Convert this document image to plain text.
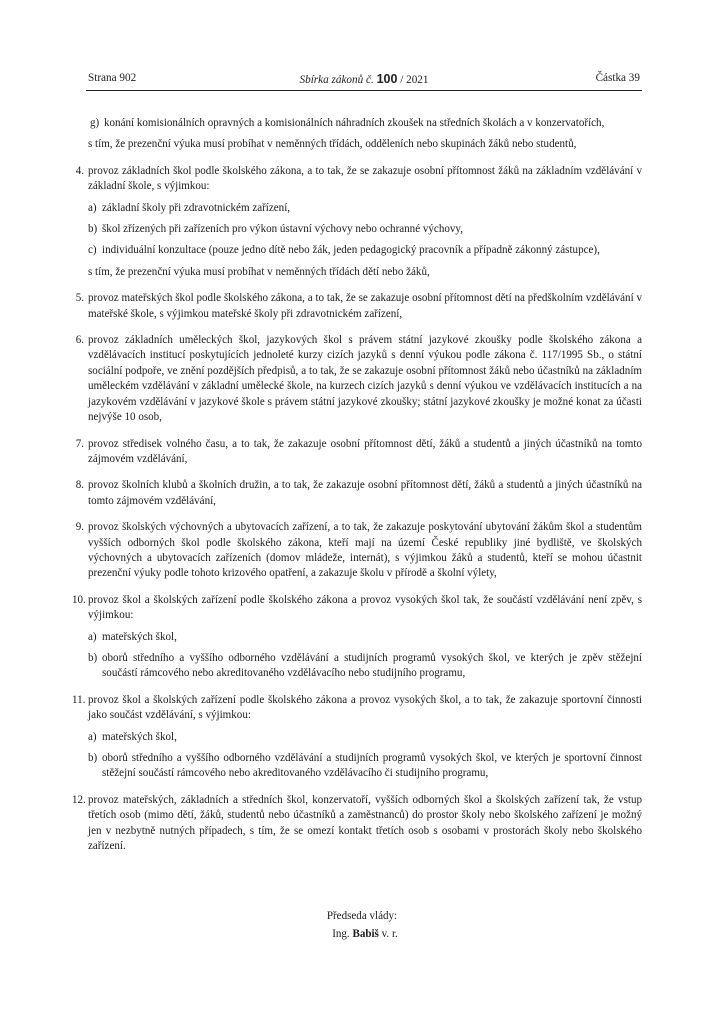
Strana 902	Sbírka zákonů č. 100 / 2021	Částka 39
g) konání komisionálních opravných a komisionálních náhradních zkoušek na středních školách a v konzervatořích,
s tím, že prezenční výuka musí probíhat v neměnných třídách, odděleních nebo skupinách žáků nebo studentů,
4. provoz základních škol podle školského zákona, a to tak, že se zakazuje osobní přítomnost žáků na základním vzdělávání v základní škole, s výjimkou:
a) základní školy při zdravotnickém zařízení,
b) škol zřízených při zařízeních pro výkon ústavní výchovy nebo ochranné výchovy,
c) individuální konzultace (pouze jedno dítě nebo žák, jeden pedagogický pracovník a případně zákonný zástupce),
s tím, že prezenční výuka musí probíhat v neměnných třídách dětí nebo žáků,
5. provoz mateřských škol podle školského zákona, a to tak, že se zakazuje osobní přítomnost dětí na předškolním vzdělávání v mateřské škole, s výjimkou mateřské školy při zdravotnickém zařízení,
6. provoz základních uměleckých škol, jazykových škol s právem státní jazykové zkoušky podle školského zákona a vzdělávacích institucí poskytujících jednoleté kurzy cizích jazyků s denní výukou podle zákona č. 117/1995 Sb., o státní sociální podpoře, ve znění pozdějších předpisů, a to tak, že se zakazuje osobní přítomnost žáků nebo účastníků na základním uměleckém vzdělávání v základní umělecké škole, na kurzech cizích jazyků s denní výukou ve vzdělávacích institucích a na jazykovém vzdělávání v jazykové škole s právem státní jazykové zkoušky; státní jazykové zkoušky je možné konat za účasti nejvýše 10 osob,
7. provoz středisek volného času, a to tak, že zakazuje osobní přítomnost dětí, žáků a studentů a jiných účastníků na tomto zájmovém vzdělávání,
8. provoz školních klubů a školních družin, a to tak, že zakazuje osobní přítomnost dětí, žáků a studentů a jiných účastníků na tomto zájmovém vzdělávání,
9. provoz školských výchovných a ubytovacích zařízení, a to tak, že zakazuje poskytování ubytování žákům škol a studentům vyšších odborných škol podle školského zákona, kteří mají na území České republiky jiné bydliště, ve školských výchovných a ubytovacích zařízeních (domov mládeže, internát), s výjimkou žáků a studentů, kteří se mohou účastnit prezenční výuky podle tohoto krizového opatření, a zakazuje školu v přírodě a školní výlety,
10. provoz škol a školských zařízení podle školského zákona a provoz vysokých škol tak, že součástí vzdělávání není zpěv, s výjimkou:
a) mateřských škol,
b) oborů středního a vyššího odborného vzdělávání a studijních programů vysokých škol, ve kterých je zpěv stěžejní součástí rámcového nebo akreditovaného vzdělávacího nebo studijního programu,
11. provoz škol a školských zařízení podle školského zákona a provoz vysokých škol, a to tak, že zakazuje sportovní činnosti jako součást vzdělávání, s výjimkou:
a) mateřských škol,
b) oborů středního a vyššího odborného vzdělávání a studijních programů vysokých škol, ve kterých je sportovní činnost stěžejní součástí rámcového nebo akreditovaného vzdělávacího či studijního programu,
12. provoz mateřských, základních a středních škol, konzervatoří, vyšších odborných škol a školských zařízení tak, že vstup třetích osob (mimo dětí, žáků, studentů nebo účastníků a zaměstnanců) do prostor školy nebo školského zařízení je možný jen v nezbytně nutných případech, s tím, že se omezí kontakt třetích osob s osobami v prostorách školy nebo školského zařízení.
Předseda vlády:
Ing. Babiš v. r.
